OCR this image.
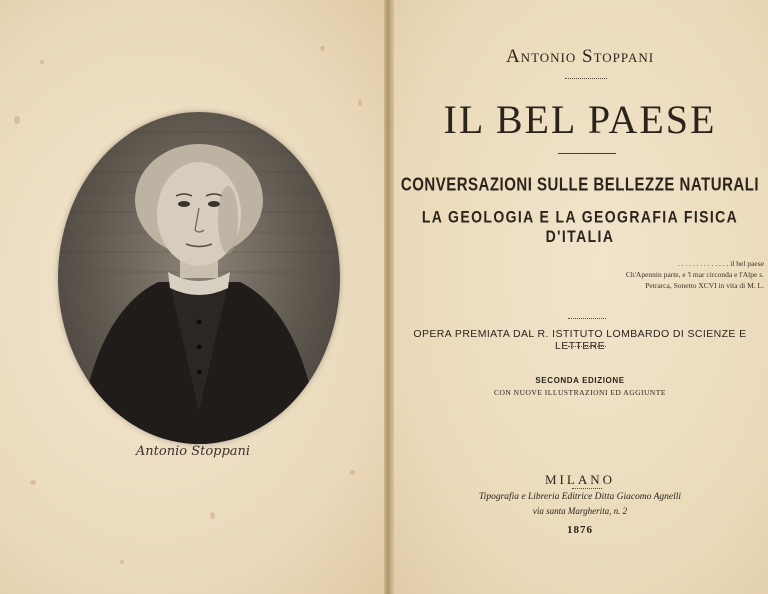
Antonio Stoppani
Antonio Stoppani
IL BEL PAESE
CONVERSAZIONI SULLE BELLEZZE NATURALI
LA GEOLOGIA E LA GEOGRAFIA FISICA D'ITALIA
. . . . . . . . . . . . . . il bel paese
Ch'Apennin parte, e 'l mar circonda e l'Alpe s.
Petrarca, Sonetto XCVI in vita di M. L.
OPERA PREMIATA DAL R. ISTITUTO LOMBARDO DI SCIENZE E LETTERE
SECONDA EDIZIONE
CON NUOVE ILLUSTRAZIONI ED AGGIUNTE
MILANO
Tipografia e Libreria Editrice Ditta Giacomo Agnelli
via santa Margherita, n. 2
1876
